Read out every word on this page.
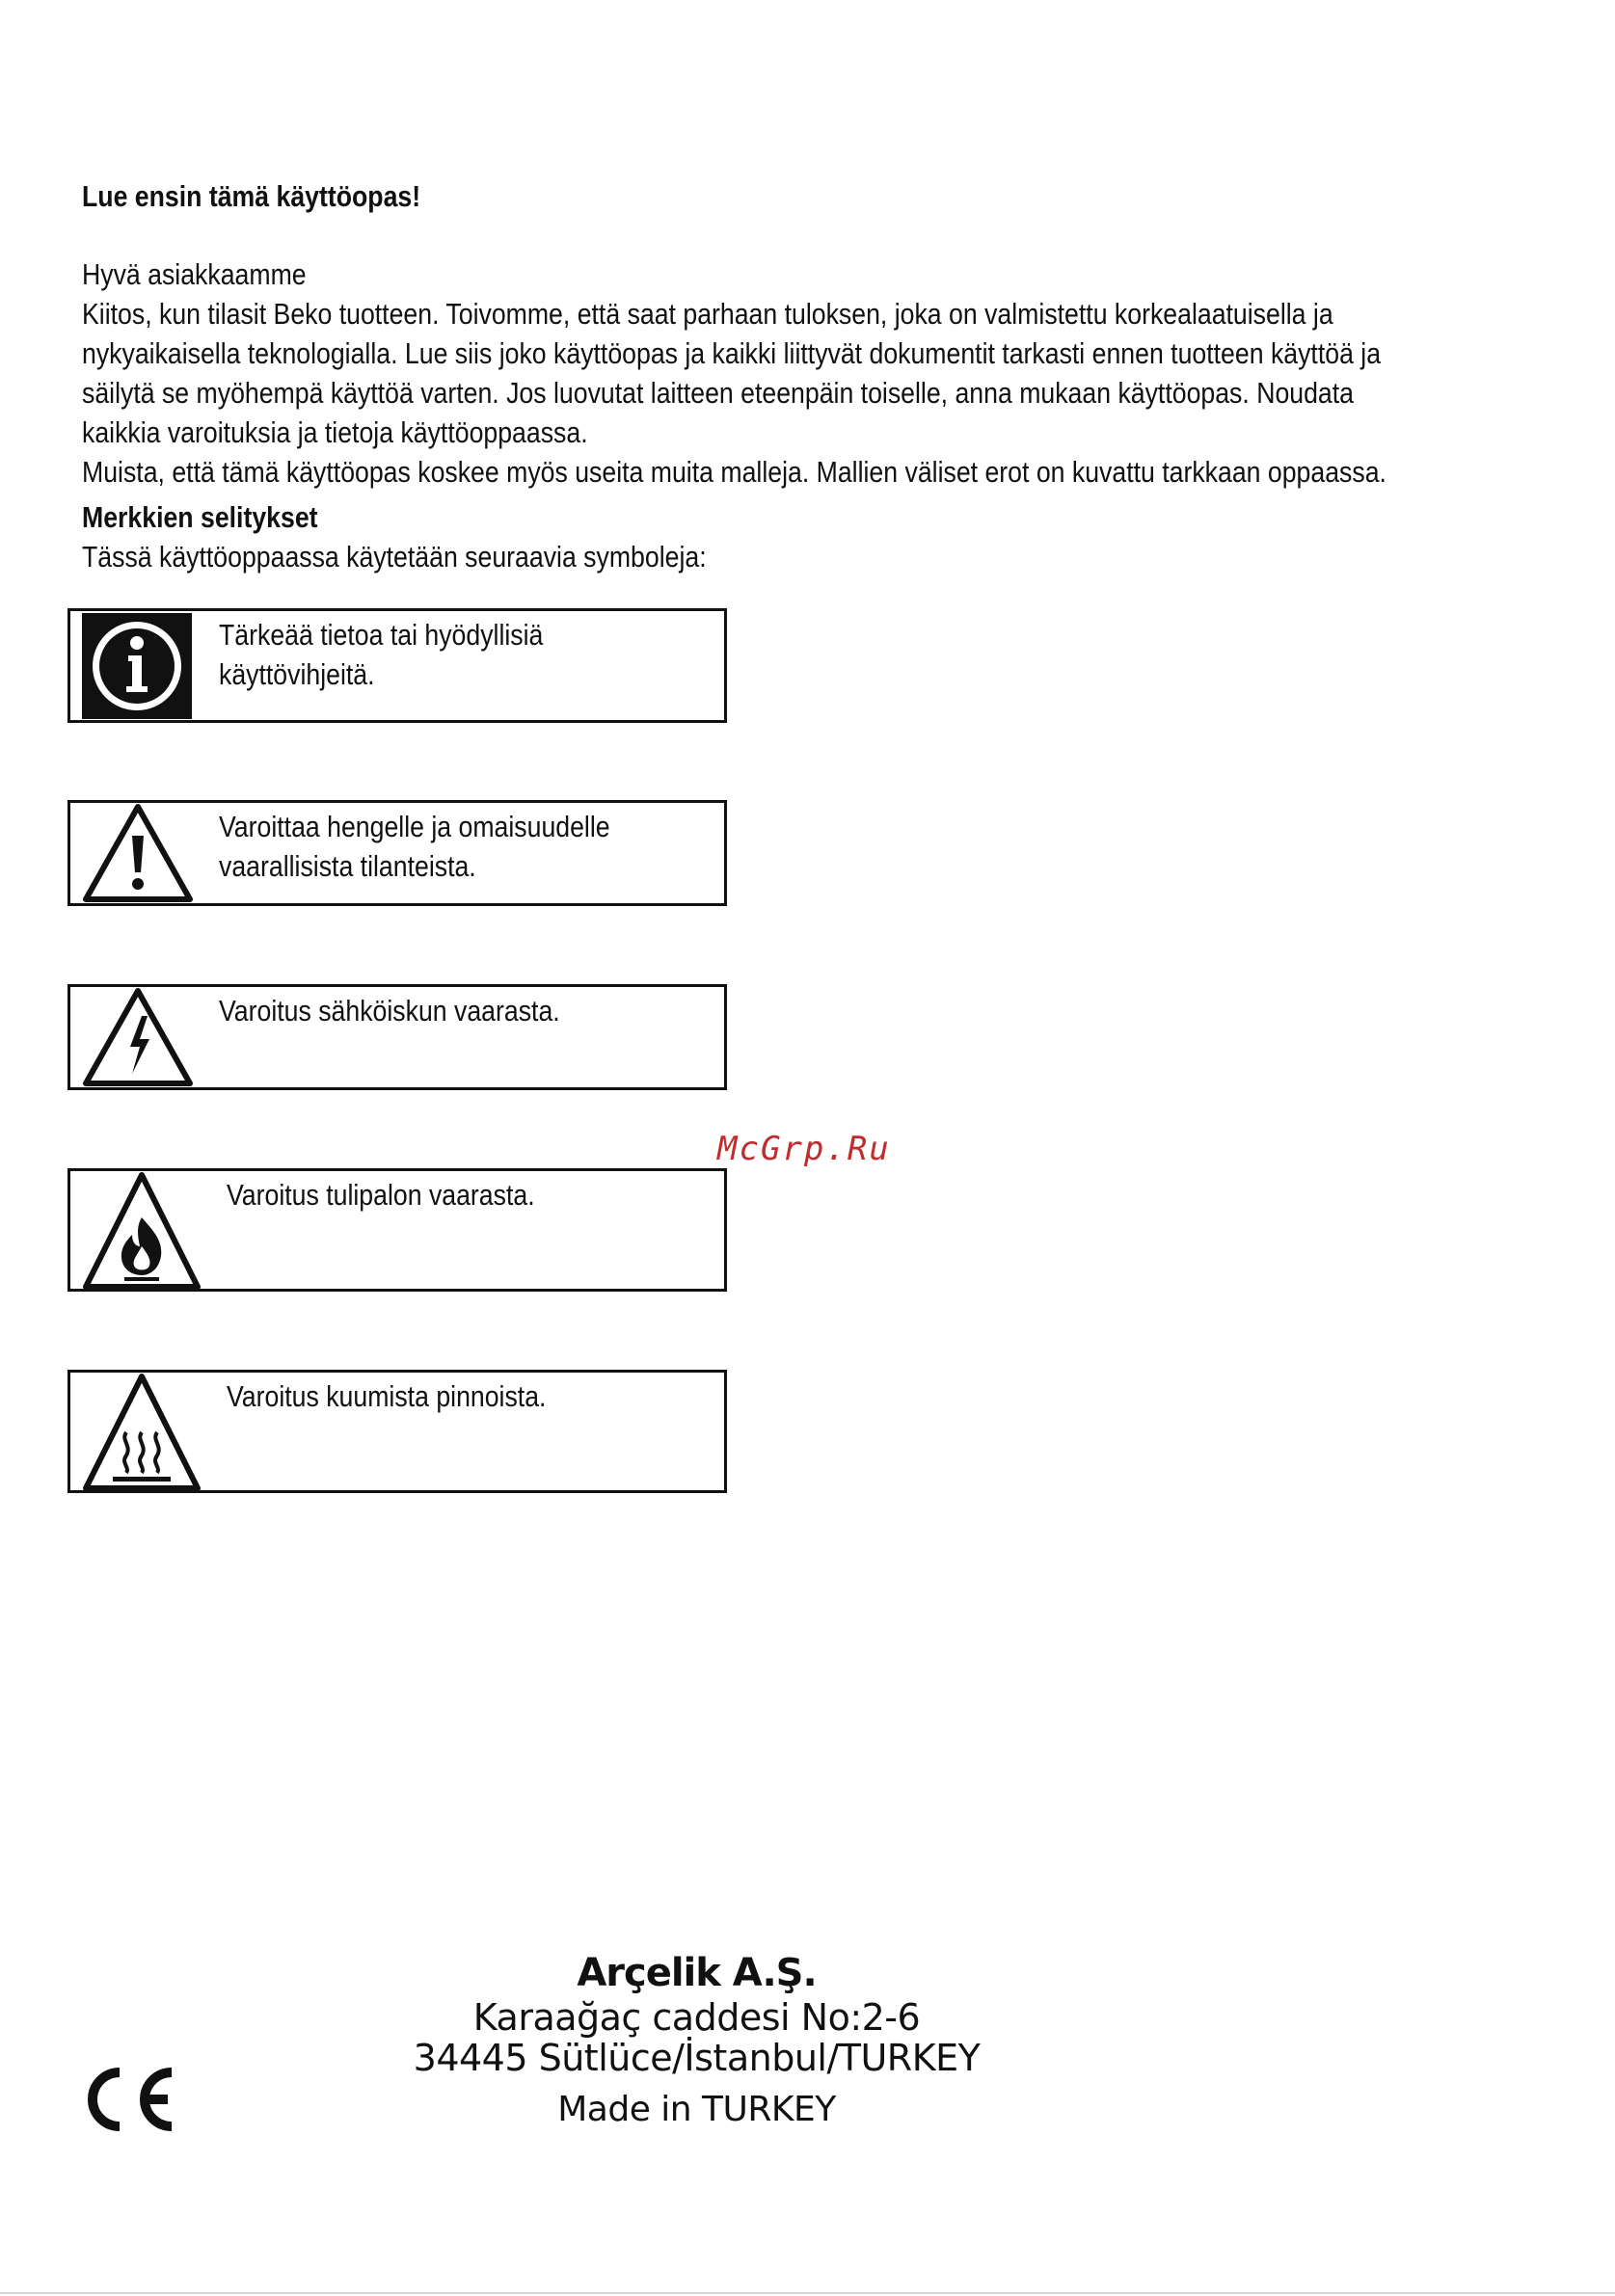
Lue ensin tämä käyttöopas!

Hyvä asiakkaamme

Kiitos, kun tilasit Beko tuotteen. Toivomme, että saat parhaan tuloksen, joka on valmistettu korkealaatuisella ja

nykyaikaisella teknologialla. Lue siis joko käyttöopas ja kaikki liittyvät dokumentit tarkasti ennen tuotteen käyttöä ja

säilytä se myöhempä käyttöä varten. Jos luovutat laitteen eteenpäin toiselle, anna mukaan käyttöopas. Noudata

kaikkia varoituksia ja tietoja käyttöoppaassa.

Muista, että tämä käyttöopas koskee myös useita muita malleja. Mallien väliset erot on kuvattu tarkkaan oppaassa.

Merkkien selitykset
Tässä käyttöoppaassa käytetään seuraavia symboleja:
Tärkeää tietoa tai hyödyllisiä
käyttövihjeitä.
Varoittaa hengelle ja omaisuudelle
vaarallisista tilanteista.
Varoitus sähköiskun vaarasta.
Varoitus tulipalon vaarasta.
Varoitus kuumista pinnoista.
McGrp.Ru
Arçelik A.Ş.
Karaağaç caddesi No:2-6
34445 Sütlüce/İstanbul/TURKEY
Made in TURKEY
